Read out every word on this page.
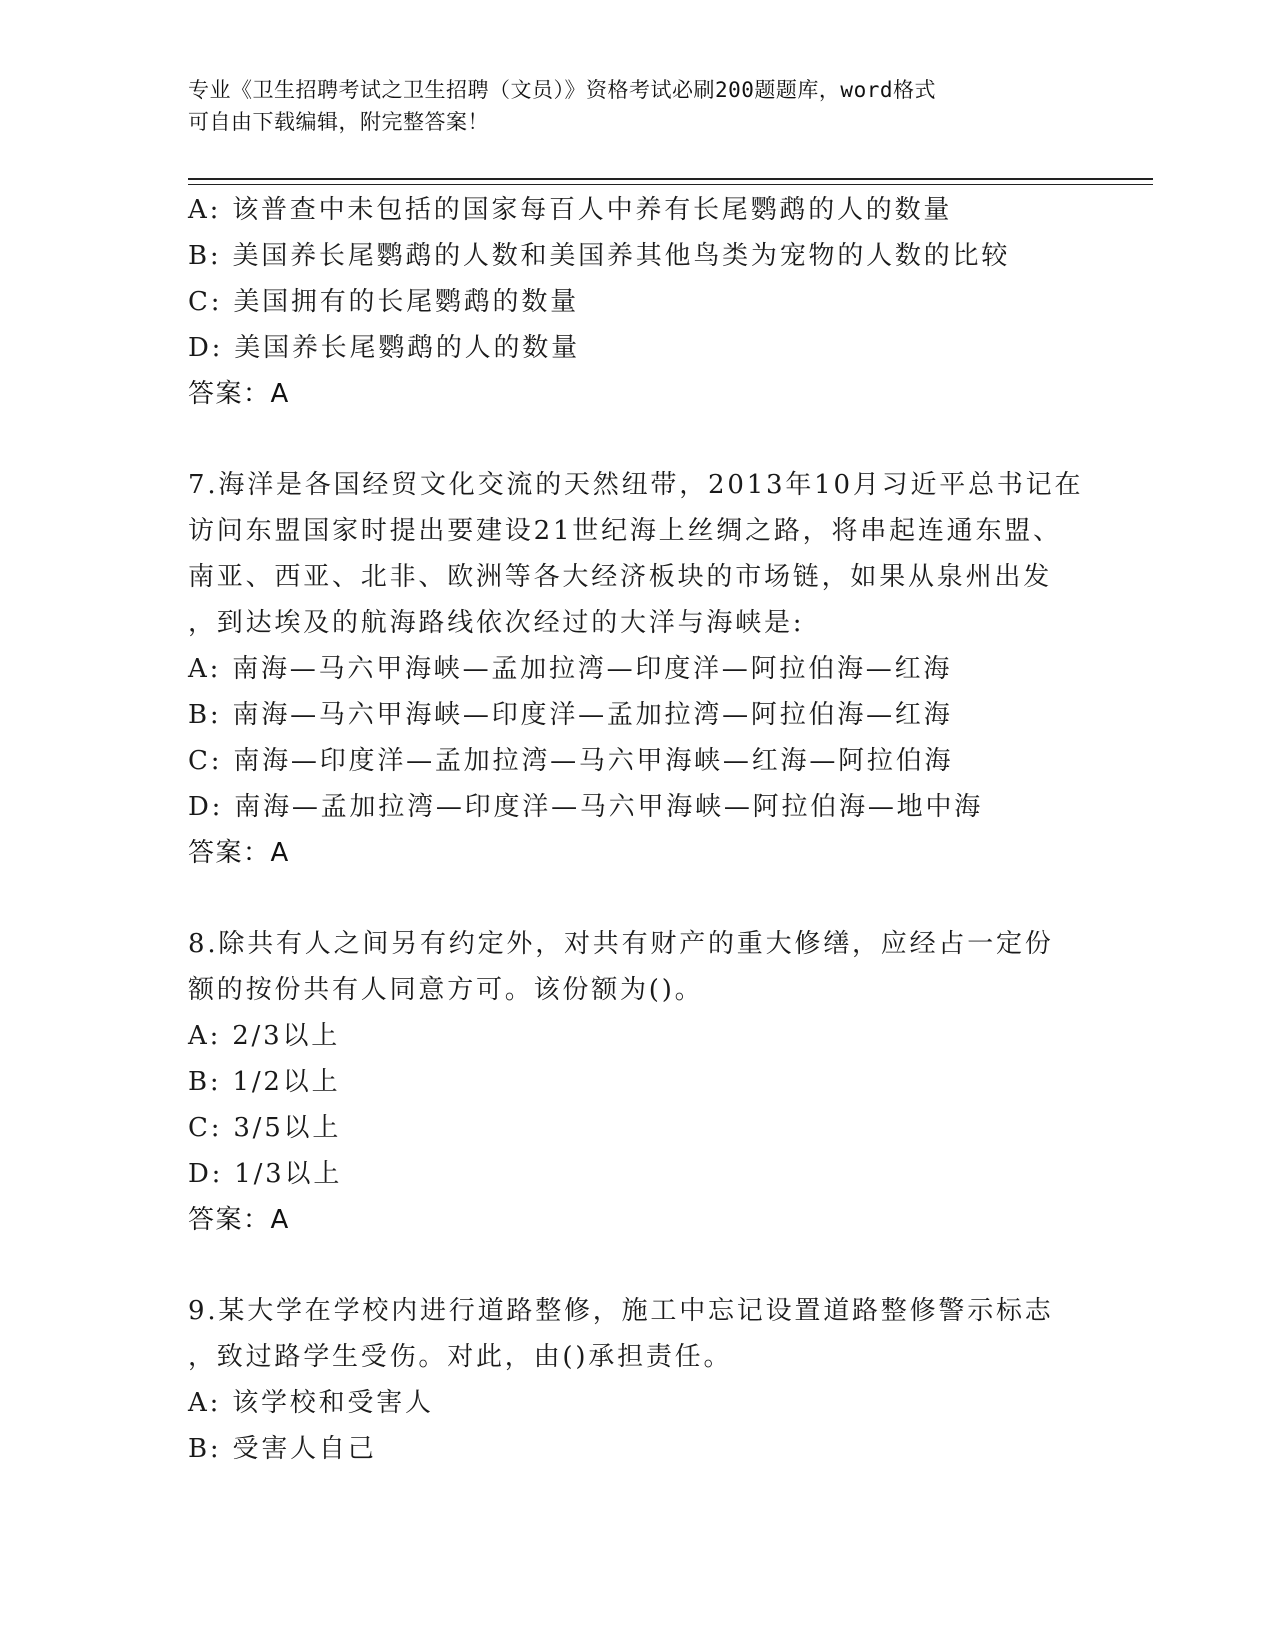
专业《卫生招聘考试之卫生招聘（文员）》资格考试必刷200题题库，word格式
可自由下载编辑，附完整答案！
A: 该普查中未包括的国家每百人中养有长尾鹦鹉的人的数量
B: 美国养长尾鹦鹉的人数和美国养其他鸟类为宠物的人数的比较
C: 美国拥有的长尾鹦鹉的数量
D: 美国养长尾鹦鹉的人的数量
答案：A
7.海洋是各国经贸文化交流的天然纽带，2013年10月习近平总书记在
访问东盟国家时提出要建设21世纪海上丝绸之路，将串起连通东盟、
南亚、西亚、北非、欧洲等各大经济板块的市场链，如果从泉州出发
，到达埃及的航海路线依次经过的大洋与海峡是:
A: 南海—马六甲海峡—孟加拉湾—印度洋—阿拉伯海—红海
B: 南海—马六甲海峡—印度洋—孟加拉湾—阿拉伯海—红海
C: 南海—印度洋—孟加拉湾—马六甲海峡—红海—阿拉伯海
D: 南海—孟加拉湾—印度洋—马六甲海峡—阿拉伯海—地中海
答案：A
8.除共有人之间另有约定外，对共有财产的重大修缮，应经占一定份
额的按份共有人同意方可。该份额为()。
A: 2/3以上
B: 1/2以上
C: 3/5以上
D: 1/3以上
答案：A
9.某大学在学校内进行道路整修，施工中忘记设置道路整修警示标志
，致过路学生受伤。对此，由()承担责任。
A: 该学校和受害人
B: 受害人自己
